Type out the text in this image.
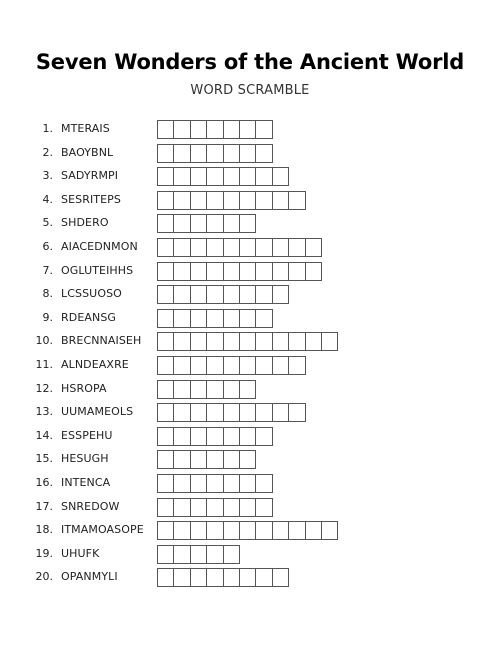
Seven Wonders of the Ancient World
WORD SCRAMBLE
1. MTERAIS
2. BAOYBNL
3. SADYRMPI
4. SESRITEPS
5. SHDERO
6. AIACEDNMON
7. OGLUTEIHHS
8. LCSSUOSO
9. RDEANSG
10. BRECNNAISEH
11. ALNDEAXRE
12. HSROPA
13. UUMAMEOLS
14. ESSPEHU
15. HESUGH
16. INTENCA
17. SNREDOW
18. ITMAMOASOPE
19. UHUFK
20. OPANMYLI
